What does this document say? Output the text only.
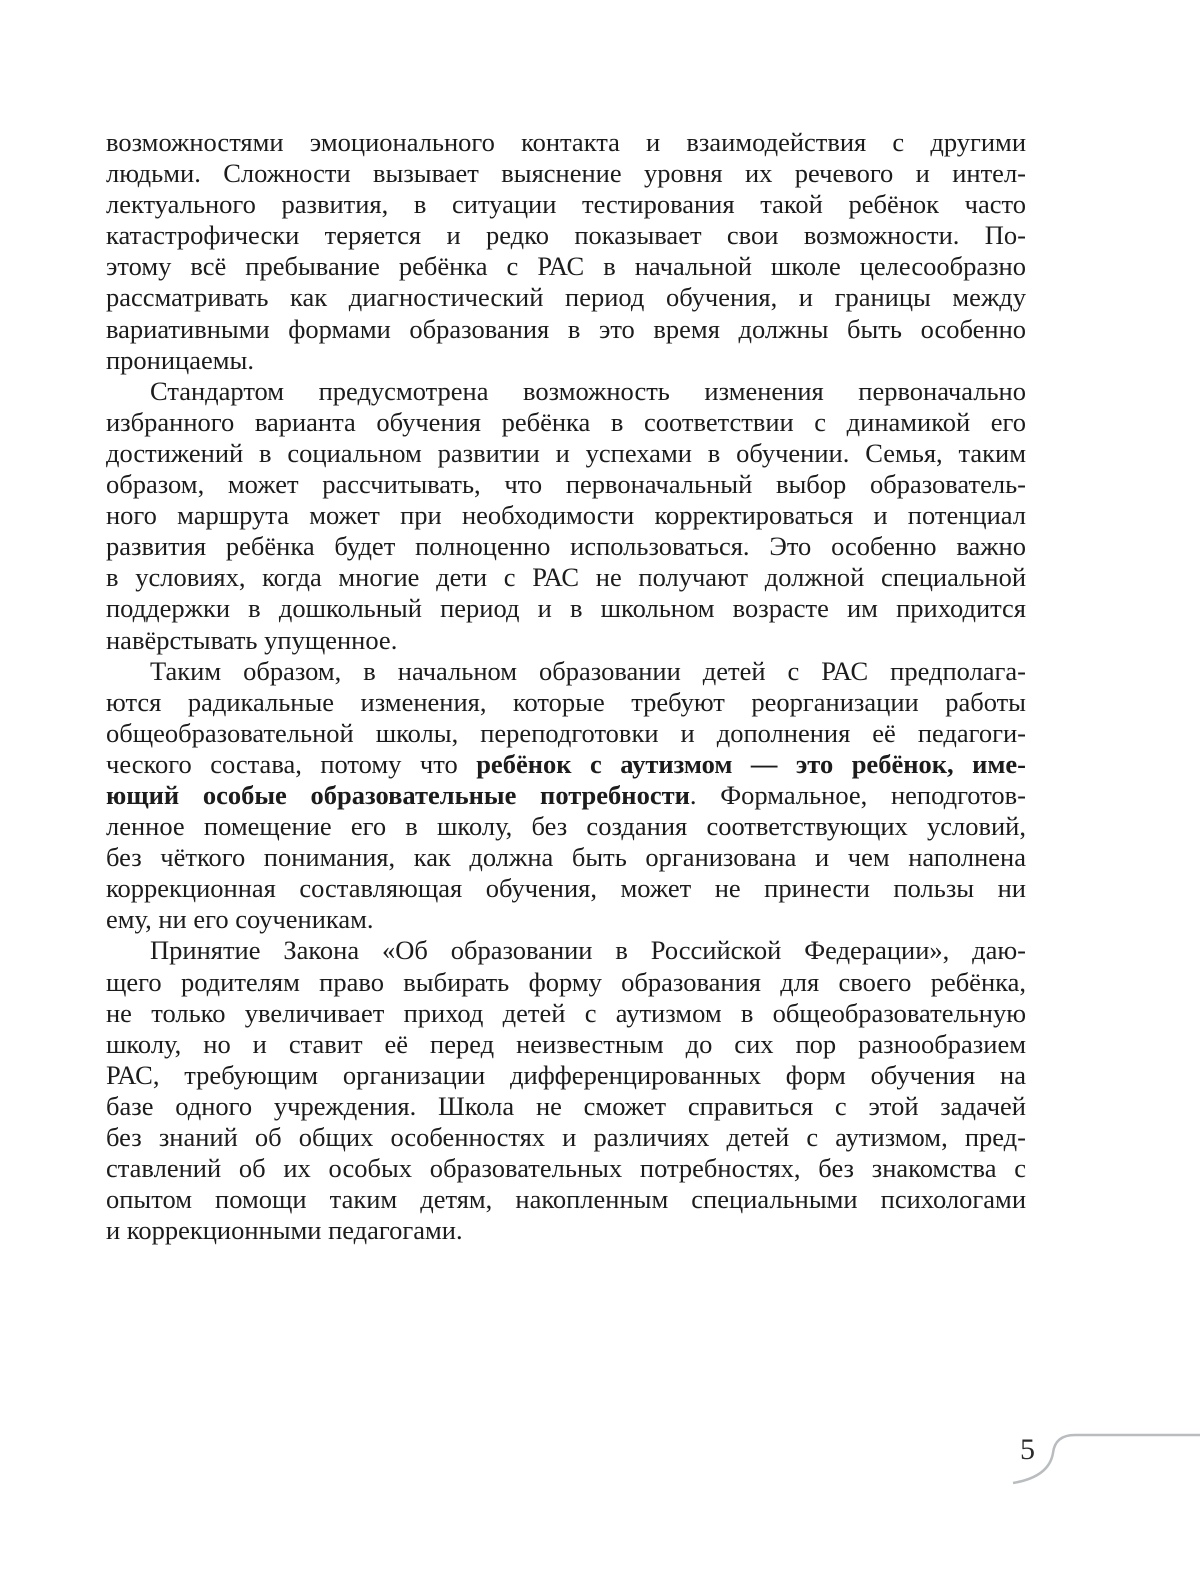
возможностями эмоционального контакта и взаимодействия с другими
людьми. Сложности вызывает выяснение уровня их речевого и интел-
лектуального развития, в ситуации тестирования такой ребёнок часто
катастрофически теряется и редко показывает свои возможности. По-
этому всё пребывание ребёнка с РАС в начальной школе целесообразно
рассматривать как диагностический период обучения, и границы между
вариативными формами образования в это время должны быть особенно
проницаемы.

Стандартом предусмотрена возможность изменения первоначально
избранного варианта обучения ребёнка в соответствии с динамикой его
достижений в социальном развитии и успехами в обучении. Семья, таким
образом, может рассчитывать, что первоначальный выбор образователь-
ного маршрута может при необходимости корректироваться и потенциал
развития ребёнка будет полноценно использоваться. Это особенно важно
в условиях, когда многие дети с РАС не получают должной специальной
поддержки в дошкольный период и в школьном возрасте им приходится
навёрстывать упущенное.

Таким образом, в начальном образовании детей с РАС предполага-
ются радикальные изменения, которые требуют реорганизации работы
общеобразовательной школы, переподготовки и дополнения её педагоги-
ческого состава, потому что ребёнок с аутизмом — это ребёнок, име-
ющий особые образовательные потребности. Формальное, неподготов-
ленное помещение его в школу, без создания соответствующих условий,
без чёткого понимания, как должна быть организована и чем наполнена
коррекционная составляющая обучения, может не принести пользы ни
ему, ни его соученикам.

Принятие Закона «Об образовании в Российской Федерации», даю-
щего родителям право выбирать форму образования для своего ребёнка,
не только увеличивает приход детей с аутизмом в общеобразовательную
школу, но и ставит её перед неизвестным до сих пор разнообразием
РАС, требующим организации дифференцированных форм обучения на
базе одного учреждения. Школа не сможет справиться с этой задачей
без знаний об общих особенностях и различиях детей с аутизмом, пред-
ставлений об их особых образовательных потребностях, без знакомства с
опытом помощи таким детям, накопленным специальными психологами
и коррекционными педагогами.

5
